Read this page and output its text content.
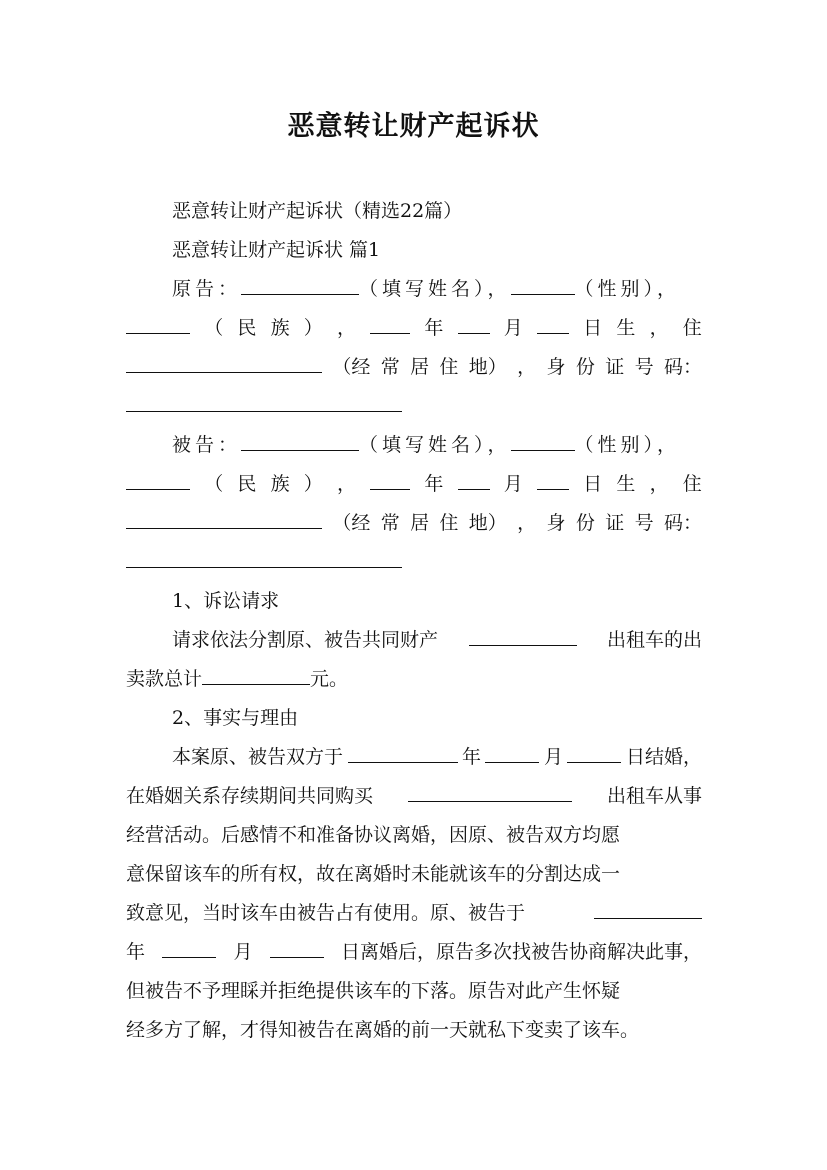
恶意转让财产起诉状
恶意转让财产起诉状（精选22篇）
恶意转让财产起诉状 篇1
原告：	（填写姓名），	（性别），
（ 民 族 ） ，	年	月	日 生 ， 住
（经 常 居 住 地） ， 身 份 证 号 码：
被告：	（填写姓名），	（性别），
（ 民 族 ） ，	年	月	日 生 ， 住
（经 常 居 住 地） ， 身 份 证 号 码：
1、诉讼请求
请求依法分割原、被告共同财产	出租车的出
卖款总计	元。
2、事实与理由
本案原、被告双方于	年	月	日结婚，
在婚姻关系存续期间共同购买	出租车从事
经营活动。后感情不和准备协议离婚，因原、被告双方均愿
意保留该车的所有权，故在离婚时未能就该车的分割达成一
致意见，当时该车由被告占有使用。原、被告于
年	月	日离婚后，原告多次找被告协商解决此事，
但被告不予理睬并拒绝提供该车的下落。原告对此产生怀疑
经多方了解，才得知被告在离婚的前一天就私下变卖了该车。
